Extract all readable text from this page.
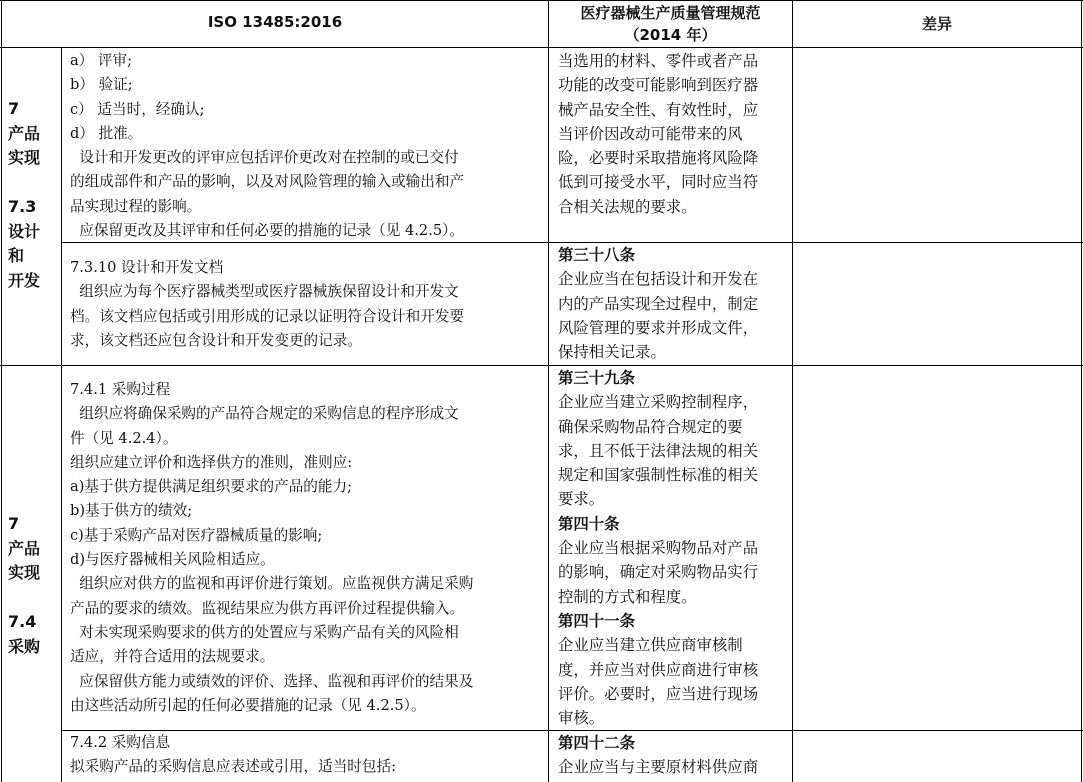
ISO 13485:2016	医疗器械生产质量管理规范
（2014 年）
差异
7
产品
实现
7.3
设计
和
开发
a） 评审;
b） 验证;
c） 适当时，经确认;
d） 批准。
设计和开发更改的评审应包括评价更改对在控制的或已交付
的组成部件和产品的影响，以及对风险管理的输入或输出和产
品实现过程的影响。
应保留更改及其评审和任何必要的措施的记录（见 4.2.5）。
当选用的材料、零件或者产品
功能的改变可能影响到医疗器
械产品安全性、有效性时，应
当评价因改动可能带来的风
险，必要时采取措施将风险降
低到可接受水平，同时应当符
合相关法规的要求。
7.3.10 设计和开发文档
组织应为每个医疗器械类型或医疗器械族保留设计和开发文
档。该文档应包括或引用形成的记录以证明符合设计和开发要
求，该文档还应包含设计和开发变更的记录。
第三十八条
企业应当在包括设计和开发在
内的产品实现全过程中，制定
风险管理的要求并形成文件，
保持相关记录。
7
产品
实现
7.4
采购
7.4.1 采购过程
组织应将确保采购的产品符合规定的采购信息的程序形成文
件（见 4.2.4）。
组织应建立评价和选择供方的准则，准则应:
a)基于供方提供满足组织要求的产品的能力;
b)基于供方的绩效;
c)基于采购产品对医疗器械质量的影响;
d)与医疗器械相关风险相适应。
组织应对供方的监视和再评价进行策划。应监视供方满足采购
产品的要求的绩效。监视结果应为供方再评价过程提供输入。
对未实现采购要求的供方的处置应与采购产品有关的风险相
适应，并符合适用的法规要求。
应保留供方能力或绩效的评价、选择、监视和再评价的结果及
由这些活动所引起的任何必要措施的记录（见 4.2.5）。
第三十九条
企业应当建立采购控制程序，
确保采购物品符合规定的要
求，且不低于法律法规的相关
规定和国家强制性标准的相关
要求。
第四十条
企业应当根据采购物品对产品
的影响，确定对采购物品实行
控制的方式和程度。
第四十一条
企业应当建立供应商审核制
度，并应当对供应商进行审核
评价。必要时，应当进行现场
审核。
7.4.2 采购信息
拟采购产品的采购信息应表述或引用，适当时包括:
第四十二条
企业应当与主要原材料供应商
